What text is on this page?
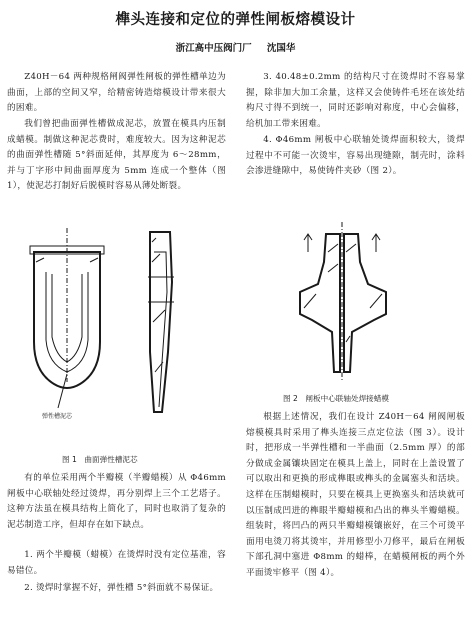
榫头连接和定位的弹性闸板熔模设计
浙江高中压阀门厂 沈国华

Z40H－64 两种规格闸阀弹性闸板的弹性槽单边为曲面，上部的空间又窄，给精密铸造熔模设计带来很大的困难。

我们曾把曲面弹性槽做成泥芯，放置在模具内压制成蜡模。制做这种泥芯费时，难度较大。因为这种泥芯的曲面弹性槽随 5°斜面延伸，其厚度为 6～28mm，并与丁字形中间曲面厚度为 5mm 连成一个整体（图 1），使泥芯打制好后脱模时容易从薄处断裂。

弹性槽泥芯
图 1　曲面弹性槽泥芯

有的单位采用两个半瓣模（半瓣蜡模）从 Φ46mm 闸板中心联轴处经过烫焊，再分别焊上三个工艺塔子。这种方法虽在模具结构上简化了，同时也取消了复杂的泥芯制造工序，但却存在如下缺点。

1. 两个半瓣模（蜡模）在烫焊时没有定位基准，容易错位。

2. 烫焊时掌握不好，弹性槽 5°斜面就不易保证。

3. 40.48±0.2mm 的结构尺寸在烫焊时不容易掌握，除非加大加工余量，这样又会使铸件毛坯在该处结构尺寸得不到统一，同时还影响对称度，中心会偏移，给机加工带来困难。

4. Φ46mm 闸板中心联轴处烫焊面积较大，烫焊过程中不可能一次烫牢，容易出现缝隙，制壳时，涂料会渗进缝隙中，易使铸件夹砂（图 2）。

图 2　闸板中心联轴处焊接蜡模

根据上述情况，我们在设计 Z40H－64 闸阀闸板熔模模具时采用了榫头连接三点定位法（图 3）。设计时，把形成一半弹性槽和一半曲面（2.5mm 厚）的部分做成金属镶块固定在模具上盖上，同时在上盖设置了可以取出和更换的形成榫眼或榫头的金属塞头和活块。这样在压制蜡模时，只要在模具上更换塞头和活块就可以压制成凹进的榫眼半瓣蜡模和凸出的榫头半瓣蜡模。组装时，将凹凸的两只半瓣蜡模镶嵌好，在三个可烫平面用电烫刀将其烫牢，并用修型小刀修平，最后在闸板下部孔洞中塞进 Φ8mm 的蜡棒，在蜡模闸板的两个外平面烫牢修平（图 4）。
